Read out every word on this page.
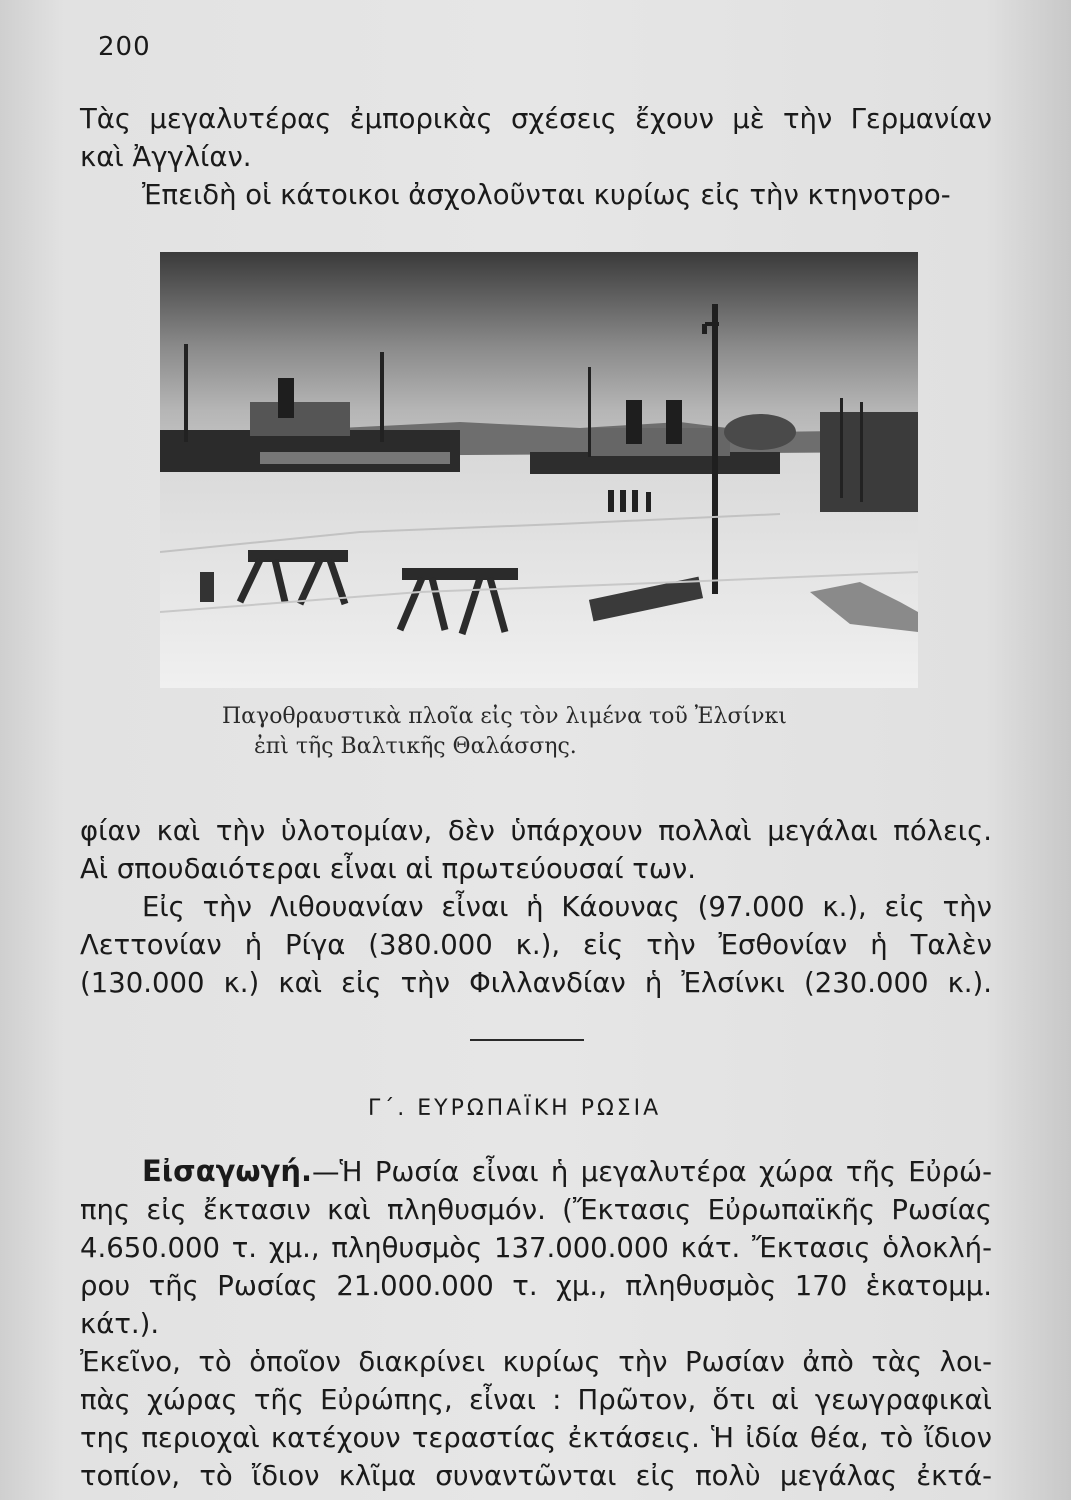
200
Τὰς μεγαλυτέρας ἐμπορικὰς σχέσεις ἔχουν μὲ τὴν Γερμανίαν
καὶ Ἀγγλίαν.
Ἐπειδὴ οἱ κάτοικοι ἀσχολοῦνται κυρίως εἰς τὴν κτηνοτρο-
Παγοθραυστικὰ πλοῖα εἰς τὸν λιμένα τοῦ Ἐλσίνκι
ἐπὶ τῆς Βαλτικῆς Θαλάσσης.
φίαν καὶ τὴν ὑλοτομίαν, δὲν ὑπάρχουν πολλαὶ μεγάλαι πόλεις.
Αἱ σπουδαιότεραι εἶναι αἱ πρωτεύουσαί των.
Εἰς τὴν Λιθουανίαν εἶναι ἡ Κάουνας (97.000 κ.), εἰς τὴν
Λεττονίαν ἡ Ρίγα (380.000 κ.), εἰς τὴν Ἐσθονίαν ἡ Ταλὲν
(130.000 κ.) καὶ εἰς τὴν Φιλλανδίαν ἡ Ἐλσίνκι (230.000 κ.).
Γ΄. ΕΥΡΩΠΑΪΚΗ ΡΩΣΙΑ
Εἰσαγωγή.—Ἡ Ρωσία εἶναι ἡ μεγαλυτέρα χώρα τῆς Εὐρώ-
πης εἰς ἔκτασιν καὶ πληθυσμόν. (Ἔκτασις Εὐρωπαϊκῆς Ρωσίας
4.650.000 τ. χμ., πληθυσμὸς 137.000.000 κάτ. Ἔκτασις ὁλοκλή-
ρου τῆς Ρωσίας 21.000.000 τ. χμ., πληθυσμὸς 170 ἑκατομμ. κάτ.).
Ἐκεῖνο, τὸ ὁποῖον διακρίνει κυρίως τὴν Ρωσίαν ἀπὸ τὰς λοι-
πὰς χώρας τῆς Εὐρώπης, εἶναι : Πρῶτον, ὅτι αἱ γεωγραφικαὶ
της περιοχαὶ κατέχουν τεραστίας ἐκτάσεις. Ἡ ἰδία θέα, τὸ ἴδιον
τοπίον, τὸ ἴδιον κλῖμα συναντῶνται εἰς πολὺ μεγάλας ἐκτά-
